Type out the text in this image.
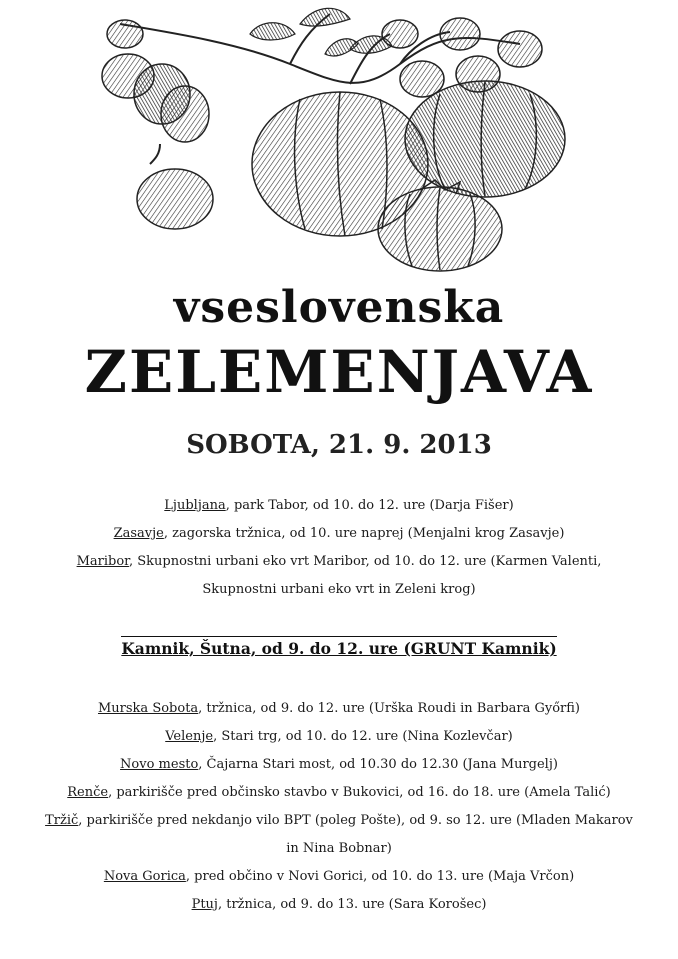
vseslovenska
ZELEMENJAVA
SOBOTA, 21. 9. 2013
Ljubljana, park Tabor, od 10. do 12. ure (Darja Fišer)
Zasavje, zagorska tržnica, od 10. ure naprej (Menjalni krog Zasavje)
Maribor, Skupnostni urbani eko vrt Maribor, od 10. do 12. ure (Karmen Valenti,
Skupnostni urbani eko vrt in Zeleni krog)
Kamnik, Šutna, od 9. do 12. ure (GRUNT Kamnik)
Murska Sobota, tržnica, od 9. do 12. ure (Urška Roudi in Barbara Győrfi)
Velenje, Stari trg, od 10. do 12. ure (Nina Kozlevčar)
Novo mesto, Čajarna Stari most, od 10.30 do 12.30 (Jana Murgelj)
Renče, parkirišče pred občinsko stavbo v Bukovici, od 16. do 18. ure (Amela Talić)
Tržič, parkirišče pred nekdanjo vilo BPT (poleg Pošte), od 9. so 12. ure (Mladen Makarov
in Nina Bobnar)
Nova Gorica, pred občino v Novi Gorici, od 10. do 13. ure (Maja Vrčon)
Ptuj, tržnica, od 9. do 13. ure (Sara Korošec)
